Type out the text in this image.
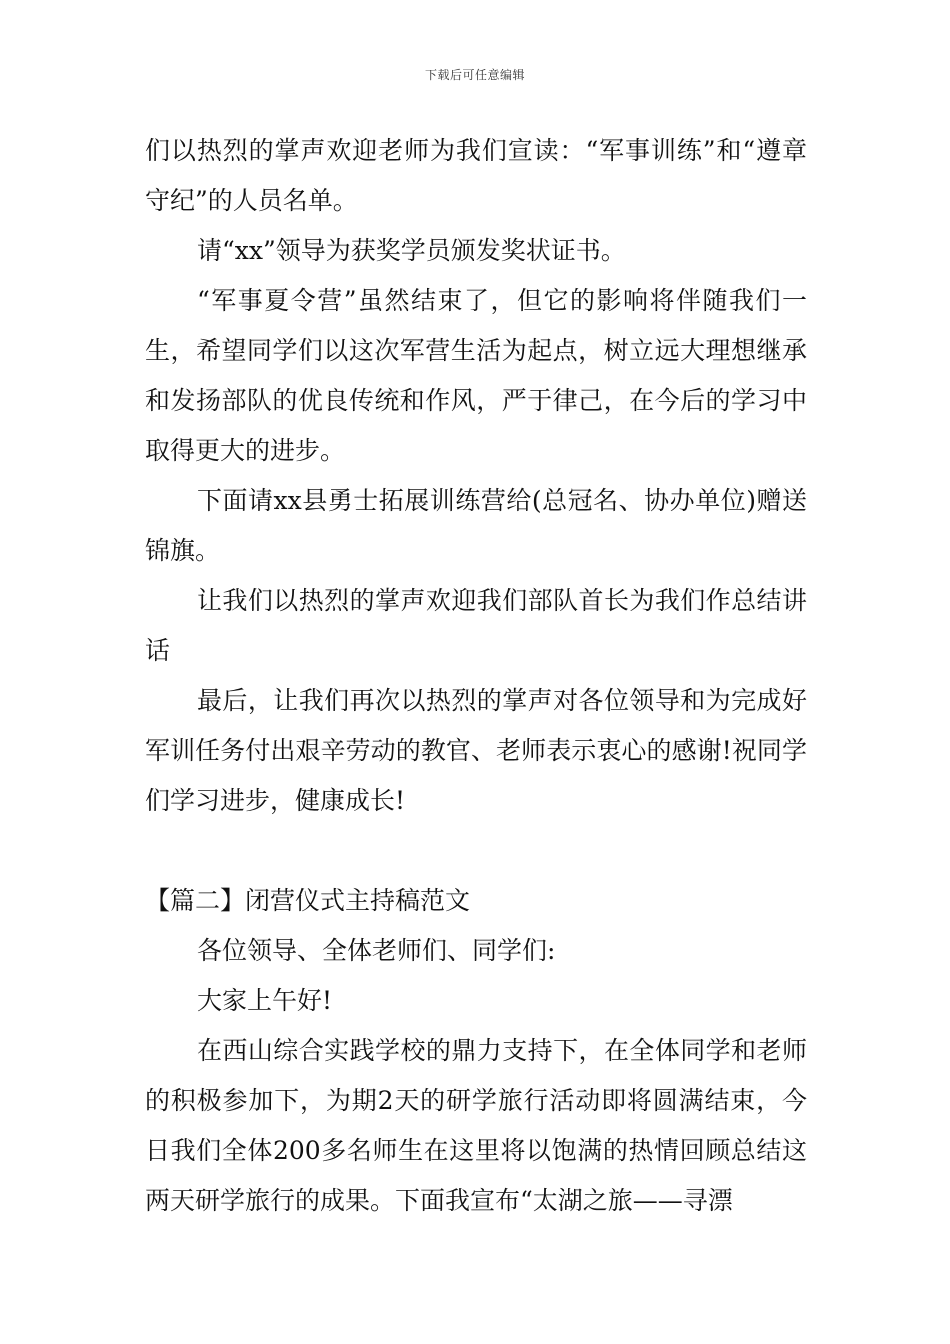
下载后可任意编辑

们以热烈的掌声欢迎老师为我们宣读：“军事训练”和“遵章守纪”的人员名单。

请“xx”领导为获奖学员颁发奖状证书。

“军事夏令营”虽然结束了，但它的影响将伴随我们一生，希望同学们以这次军营生活为起点，树立远大理想继承和发扬部队的优良传统和作风，严于律己，在今后的学习中取得更大的进步。

下面请xx县勇士拓展训练营给(总冠名、协办单位)赠送锦旗。

让我们以热烈的掌声欢迎我们部队首长为我们作总结讲话

最后，让我们再次以热烈的掌声对各位领导和为完成好军训任务付出艰辛劳动的教官、老师表示衷心的感谢!祝同学们学习进步，健康成长!

【篇二】闭营仪式主持稿范文

各位领导、全体老师们、同学们:

大家上午好!

在西山综合实践学校的鼎力支持下，在全体同学和老师的积极参加下，为期2天的研学旅行活动即将圆满结束，今日我们全体200多名师生在这里将以饱满的热情回顾总结这两天研学旅行的成果。下面我宣布“太湖之旅——寻漂
